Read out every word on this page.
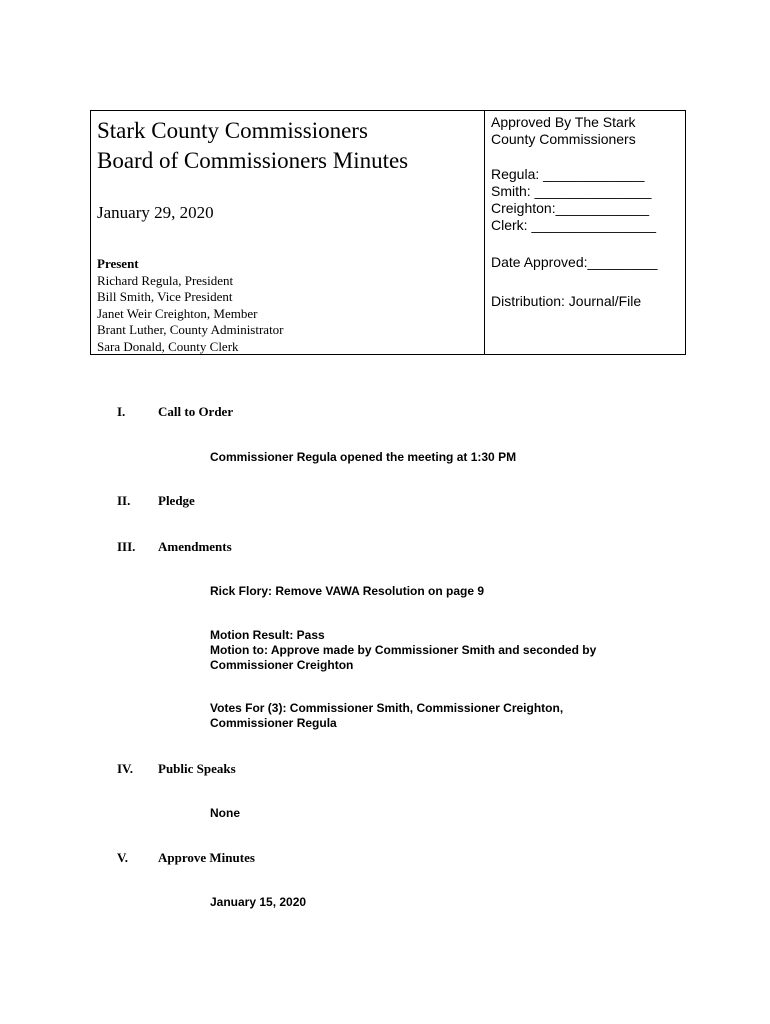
Stark County Commissioners
Board of Commissioners Minutes
January 29, 2020
Present
Richard Regula, President
Bill Smith, Vice President
Janet Weir Creighton, Member
Brant Luther, County Administrator
Sara Donald, County Clerk
Approved By The Stark
County Commissioners
Regula: _____________
Smith: _______________
Creighton:____________
Clerk: ________________
Date Approved:_________
Distribution: Journal/File
I.	Call to Order
Commissioner Regula opened the meeting at 1:30 PM
II.	Pledge
III.	Amendments
Rick Flory: Remove VAWA Resolution on page 9
Motion Result: Pass
Motion to: Approve made by Commissioner Smith and seconded by
Commissioner Creighton
Votes For (3): Commissioner Smith, Commissioner Creighton,
Commissioner Regula
IV.	Public Speaks
None
V.	Approve Minutes
January 15, 2020
